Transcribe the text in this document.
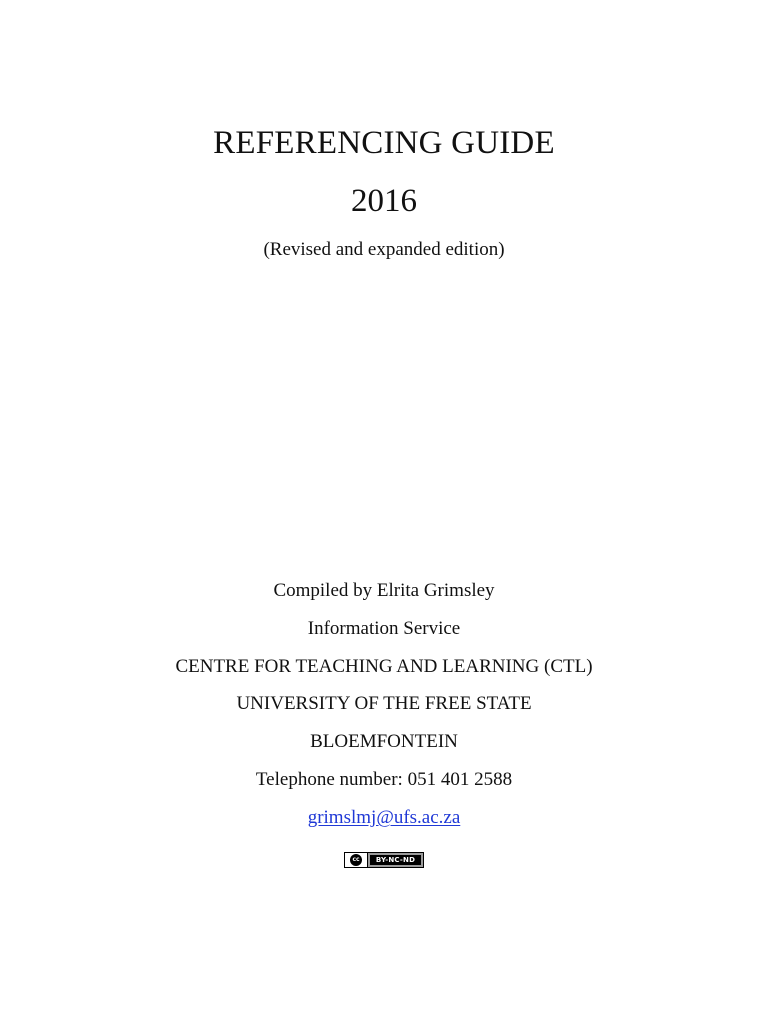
REFERENCING GUIDE
2016
(Revised and expanded edition)
Compiled by Elrita Grimsley
Information Service
CENTRE FOR TEACHING AND LEARNING (CTL)
UNIVERSITY OF THE FREE STATE
BLOEMFONTEIN
Telephone number: 051 401 2588
grimslmj@ufs.ac.za
cc	BY-NC-ND
